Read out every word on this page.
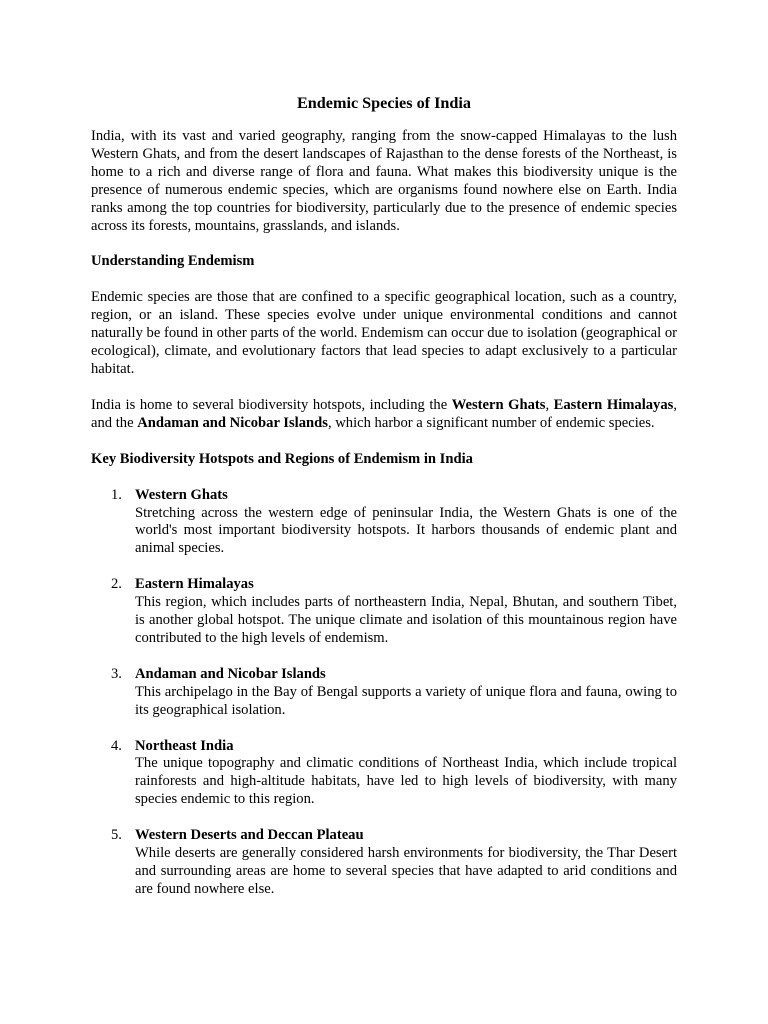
Endemic Species of India

India, with its vast and varied geography, ranging from the snow-capped Himalayas to the lush Western Ghats, and from the desert landscapes of Rajasthan to the dense forests of the Northeast, is home to a rich and diverse range of flora and fauna. What makes this biodiversity unique is the presence of numerous endemic species, which are organisms found nowhere else on Earth. India ranks among the top countries for biodiversity, particularly due to the presence of endemic species across its forests, mountains, grasslands, and islands.

Understanding Endemism

Endemic species are those that are confined to a specific geographical location, such as a country, region, or an island. These species evolve under unique environmental conditions and cannot naturally be found in other parts of the world. Endemism can occur due to isolation (geographical or ecological), climate, and evolutionary factors that lead species to adapt exclusively to a particular habitat.

India is home to several biodiversity hotspots, including the Western Ghats, Eastern Himalayas, and the Andaman and Nicobar Islands, which harbor a significant number of endemic species.

Key Biodiversity Hotspots and Regions of Endemism in India
1. Western Ghats
Stretching across the western edge of peninsular India, the Western Ghats is one of the world's most important biodiversity hotspots. It harbors thousands of endemic plant and animal species.
2. Eastern Himalayas
This region, which includes parts of northeastern India, Nepal, Bhutan, and southern Tibet, is another global hotspot. The unique climate and isolation of this mountainous region have contributed to the high levels of endemism.
3. Andaman and Nicobar Islands
This archipelago in the Bay of Bengal supports a variety of unique flora and fauna, owing to its geographical isolation.
4. Northeast India
The unique topography and climatic conditions of Northeast India, which include tropical rainforests and high-altitude habitats, have led to high levels of biodiversity, with many species endemic to this region.
5. Western Deserts and Deccan Plateau
While deserts are generally considered harsh environments for biodiversity, the Thar Desert and surrounding areas are home to several species that have adapted to arid conditions and are found nowhere else.
